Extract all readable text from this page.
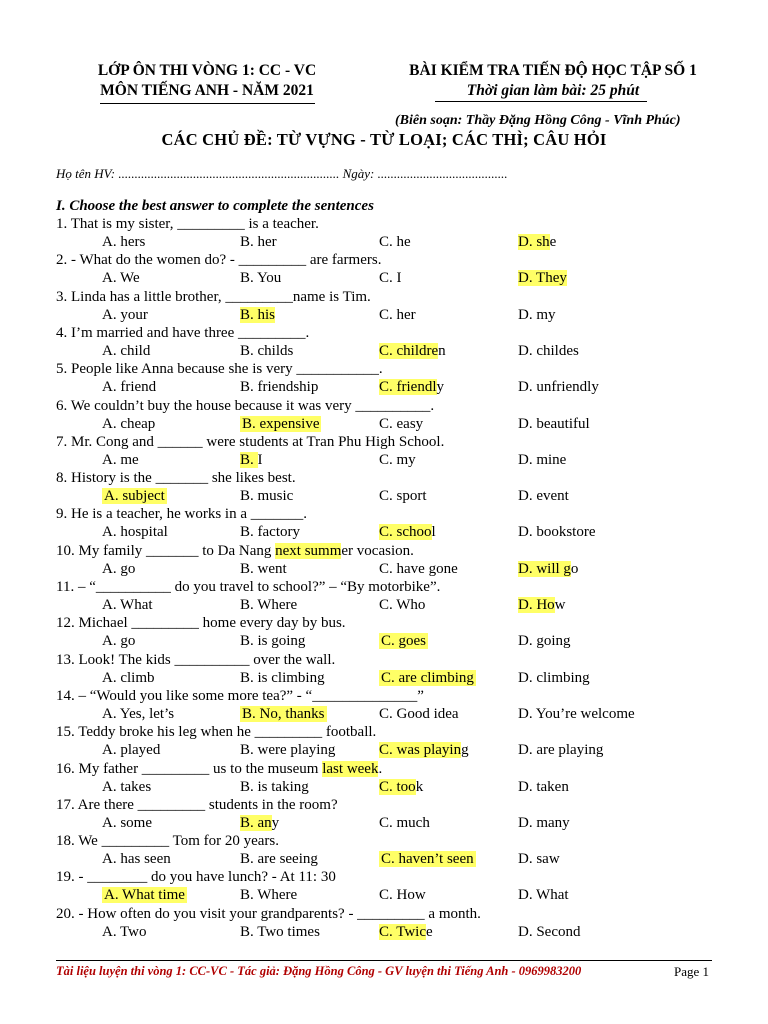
LỚP ÔN THI VÒNG 1: CC - VC
MÔN TIẾNG ANH - NĂM 2021
BÀI KIỂM TRA TIẾN ĐỘ HỌC TẬP SỐ 1
Thời gian làm bài: 25 phút
(Biên soạn: Thầy Đặng Hồng Công - Vĩnh Phúc)
CÁC CHỦ ĐỀ: TỪ VỰNG - TỪ LOẠI; CÁC THÌ; CÂU HỎI
Họ tên HV: .................................................................... Ngày: ........................................
I. Choose the best answer to complete the sentences
1. That is my sister, _________ is a teacher.
A. hers	B. her	C. he	D. she
2. - What do the women do? - _________ are farmers.
A. We	B. You	C. I	D. They
3. Linda has a little brother, _________name is Tim.
A. your	B. his	C. her	D. my
4. I’m married and have three _________.
A. child	B. childs	C. children	D. childes
5. People like Anna because she is very ___________.
A. friend	B. friendship	C. friendly	D. unfriendly
6. We couldn’t buy the house because it was very __________.
A. cheap	B. expensive	C. easy	D. beautiful
7. Mr. Cong and ______ were students at Tran Phu High School.
A. me	B. I	C. my	D. mine
8. History is the _______ she likes best.
A. subject	B. music	C. sport	D. event
9. He is a teacher, he works in a _______.
A. hospital	B. factory	C. school	D. bookstore
10. My family _______ to Da Nang next summer vocasion.
A. go	B. went	C. have gone	D. will go
11. – “__________ do you travel to school?” – “By motorbike”.
A. What	B. Where	C. Who	D. How
12. Michael _________ home every day by bus.
A. go	B. is going	C. goes	D. going
13. Look! The kids __________ over the wall.
A. climb	B. is climbing	C. are climbing	D. climbing
14. – “Would you like some more tea?” - “______________”
A. Yes, let’s	B. No, thanks	C. Good idea	D. You’re welcome
15. Teddy broke his leg when he _________ football.
A. played	B. were playing	C. was playing	D. are playing
16. My father _________ us to the museum last week.
A. takes	B. is taking	C. took	D. taken
17. Are there _________ students in the room?
A. some	B. any	C. much	D. many
18. We _________ Tom for 20 years.
A. has seen	B. are seeing	C. haven’t seen	D. saw
19. - ________ do you have lunch? - At 11: 30
A. What time	B. Where	C. How	D. What
20. - How often do you visit your grandparents? - _________ a month.
A. Two	B. Two times	C. Twice	D. Second
Tài liệu luyện thi vòng 1: CC-VC - Tác giả: Đặng Hồng Công - GV luyện thi Tiếng Anh - 0969983200	Page 1
